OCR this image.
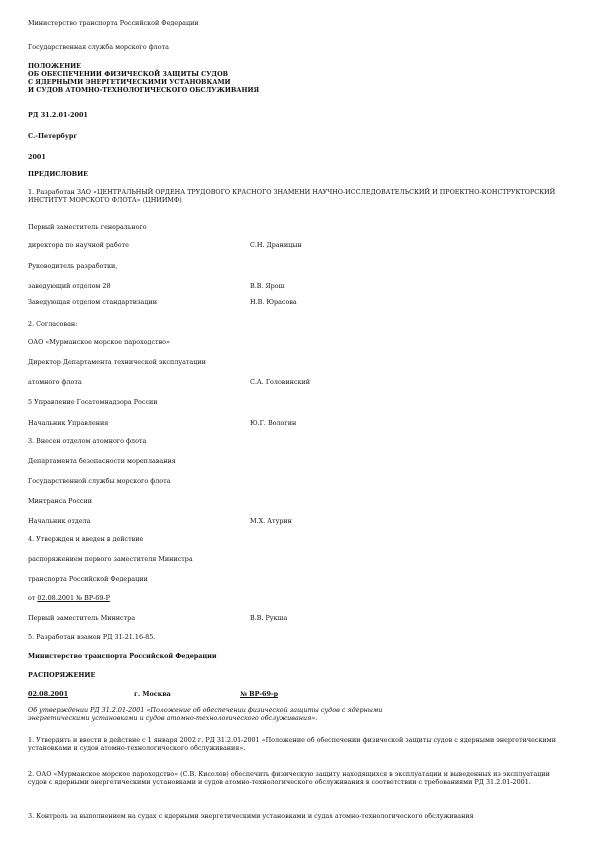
Министерство транспорта Российской Федерации
Государственная служба морского флота
ПОЛОЖЕНИЕ
ОБ ОБЕСПЕЧЕНИИ ФИЗИЧЕСКОЙ ЗАЩИТЫ СУДОВ
С ЯДЕРНЫМИ ЭНЕРГЕТИЧЕСКИМИ УСТАНОВКАМИ
И СУДОВ АТОМНО-ТЕХНОЛОГИЧЕСКОГО ОБСЛУЖИВАНИЯ
РД 31.2.01-2001
С.-Петербург
2001
ПРЕДИСЛОВИЕ
1. Разработан ЗАО «ЦЕНТРАЛЬНЫЙ ОРДЕНА ТРУДОВОГО КРАСНОГО ЗНАМЕНИ НАУЧНО-ИССЛЕДОВАТЕЛЬСКИЙ И ПРОЕКТНО-КОНСТРУКТОРСКИЙ ИНСТИТУТ МОРСКОГО ФЛОТА» (ЦНИИМФ)
Первый заместитель генерального
директора по научной работе	С.Н. Драницын
Руководитель разработки,
заведующий отделом 28	В.В. Ярош
Заведующая отделом стандартизации	Н.В. Юрасова
2. Согласован:
ОАО «Мурманское морское пароходство»
Директор Департамента технической эксплуатации
атомного флота	С.А. Головинский
5 Управление Госатомнадзора России
Начальник Управления	Ю.Г. Вологин
3. Внесен отделом атомного флота
Департамента безопасности мореплавания
Государственной службы морского флота
Минтранса России
Начальник отдела	М.Х. Атурин
4. Утвержден и введен в действие
распоряжением первого заместителя Министра
транспорта Российской Федерации
от 02.08.2001 № ВР-69-Р
Первый заместитель Министра	В.В. Рукша
5. Разработан взамен РД 31-21.16-85.
Министерство транспорта Российской Федерации
РАСПОРЯЖЕНИЕ
02.08.2001	г. Москва	№ ВР-69-р
Об утверждении РД 31.2.01-2001 «Положение об обеспечении физической защиты судов с ядерными энергетическими установками и судов атомно-технологического обслуживания».
1. Утвердить и ввести в действие с 1 января 2002 г. РД 31.2.01-2001 «Положение об обеспечении физической защиты судов с ядерными энергетическими установками и судов атомно-технологического обслуживания».
2. ОАО «Мурманское морское пароходство» (С.В. Киселев) обеспечить физическую защиту находящихся в эксплуатации и выведенных из эксплуатации судов с ядерными энергетическими установками и судов атомно-технологического обслуживания в соответствии с требованиями РД 31.2.01-2001.
3. Контроль за выполнением на судах с ядерными энергетическими установками и судах атомно-технологического обслуживания
